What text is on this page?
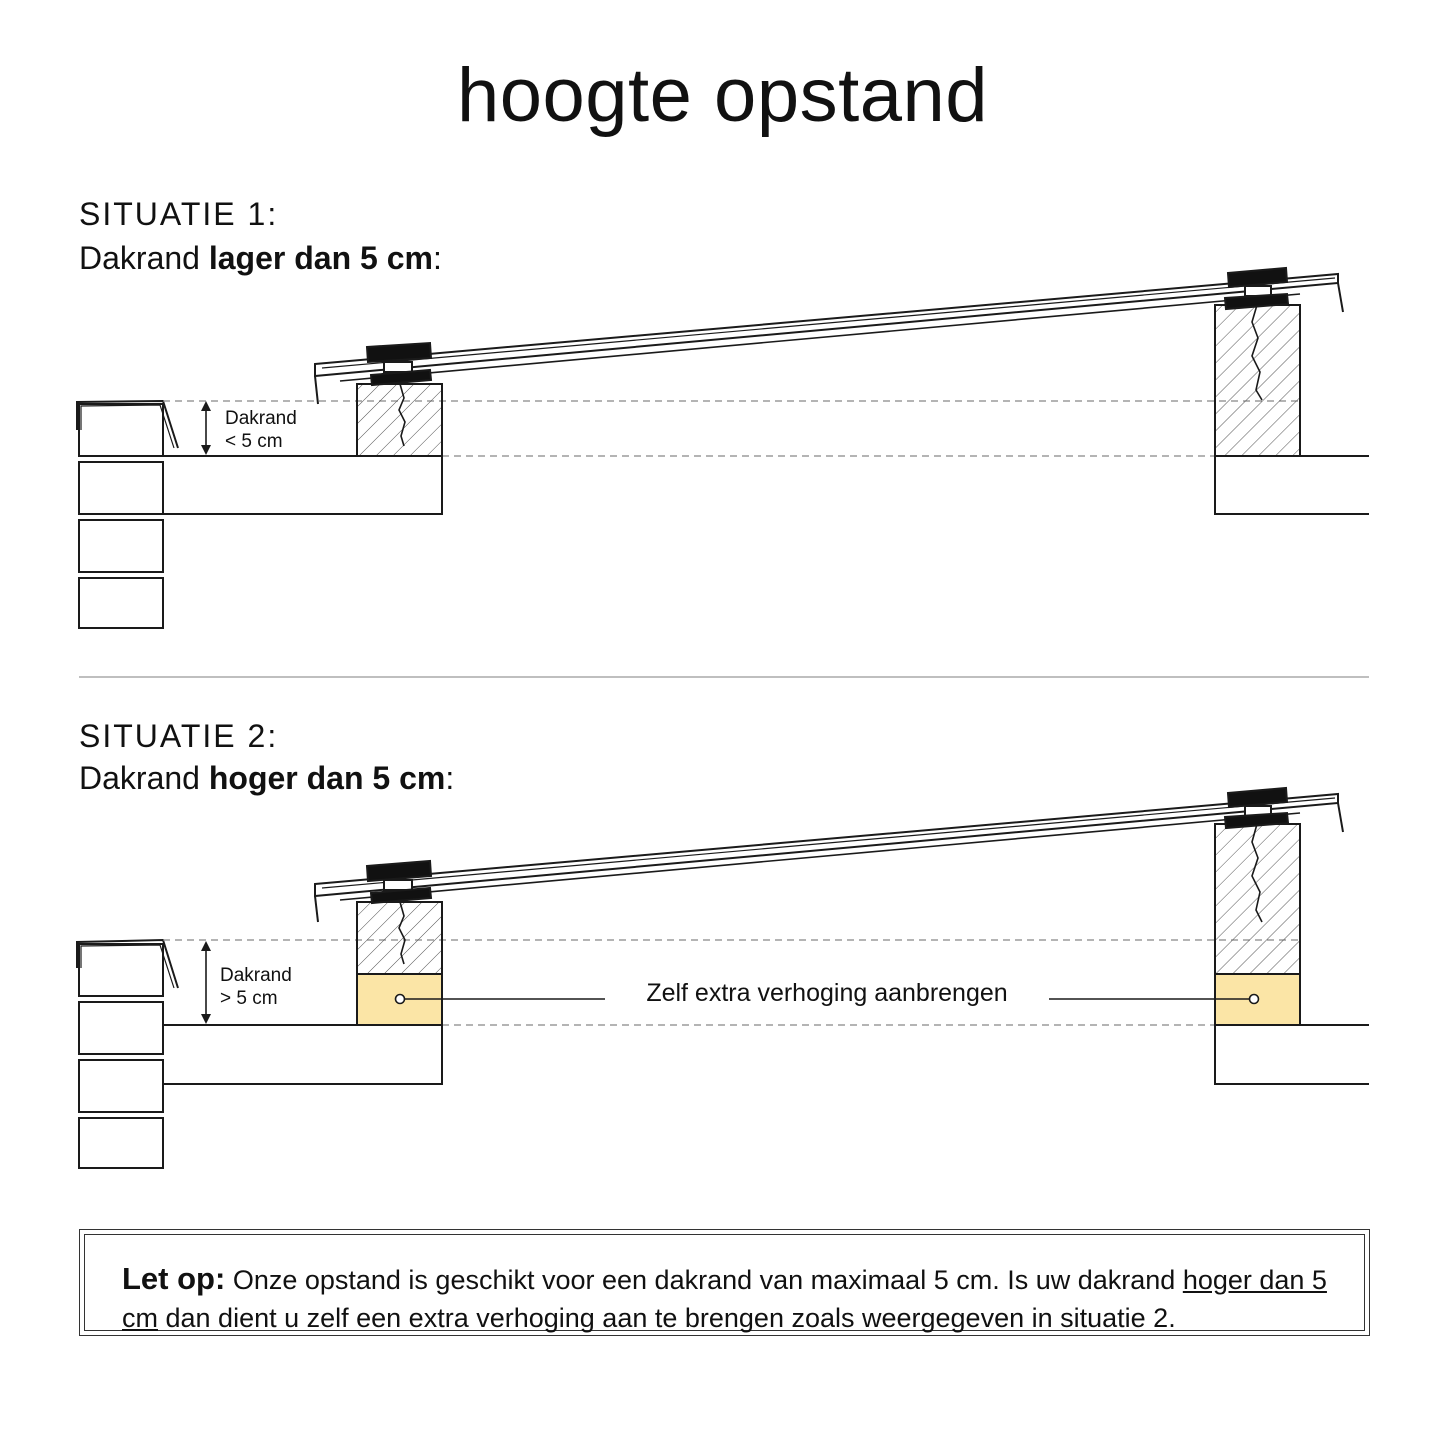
hoogte opstand
SITUATIE 1:
Dakrand lager dan 5 cm:
SITUATIE 2:
Dakrand hoger dan 5 cm:
Dakrand
< 5 cm
Dakrand
> 5 cm	Zelf extra verhoging aanbrengen
Let op: Onze opstand is geschikt voor een dakrand van maximaal 5 cm. Is uw dakrand hoger dan 5 cm dan dient u zelf een extra verhoging aan te brengen zoals weergegeven in situatie 2.
